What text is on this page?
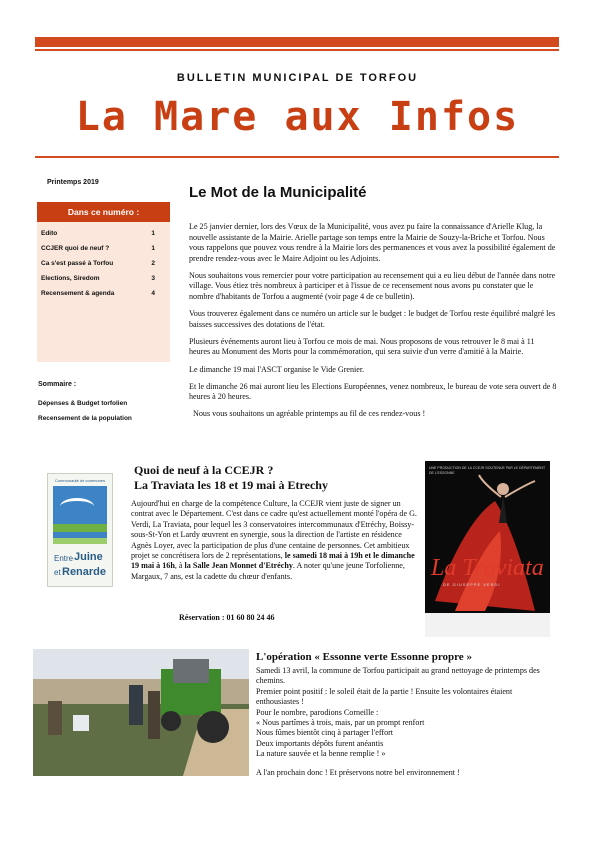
BULLETIN MUNICIPAL DE TORFOU
La Mare aux Infos
Printemps 2019
Dans ce numéro :
Edito	1
CCJER quoi de neuf ?	1
Ca s'est passé à Torfou	2
Elections, Siredom	3
Recensement & agenda	4
Sommaire :
Dépenses & Budget torfolien
Recensement de la population
Le Mot de la Municipalité

Le 25 janvier dernier, lors des Vœux de la Municipalité, vous avez pu faire la connaissance d'Arielle Klug, la nouvelle assistante de la Mairie. Arielle partage son temps entre la Mairie de Souzy-la-Briche et Torfou. Nous vous rappelons que pouvez vous rendre à la Mairie lors des permanences et vous avez la possibilité également de prendre rendez-vous avec le Maire Adjoint ou les Adjoints.

Nous souhaitons vous remercier pour votre participation au recensement qui a eu lieu début de l'année dans notre village. Vous étiez très nombreux à participer et à l'issue de ce recensement nous avons pu constater que le nombre d'habitants de Torfou a augmenté (voir page 4 de ce bulletin).

Vous trouverez également dans ce numéro un article sur le budget : le budget de Torfou reste équilibré malgré les baisses successives des dotations de l'état.

Plusieurs événements auront lieu à Torfou ce mois de mai. Nous proposons de vous retrouver le 8 mai à 11 heures au Monument des Morts pour la commémoration, qui sera suivie d'un verre d'amitié à la Mairie.

Le dimanche 19 mai l'ASCT organise le Vide Grenier.

Et le dimanche 26 mai auront lieu les Elections Européennes, venez nombreux, le bureau de vote sera ouvert de 8 heures à 20 heures.

Nous vous souhaitons un agréable printemps au fil de ces rendez-vous !

Communauté de communes
Entre Juine
et Renarde
Quoi de neuf à la CCEJR ?
La Traviata les 18 et 19 mai à Etrechy
Aujourd'hui en charge de la compétence Culture, la CCEJR vient juste de signer un contrat avec le Département. C'est dans ce cadre qu'est actuellement monté l'opéra de G. Verdi, La Traviata, pour lequel les 3 conservatoires intercommunaux d'Etréchy, Boissy-sous-St-Yon et Lardy œuvrent en synergie, sous la direction de l'artiste en résidence Agnès Loyer, avec la participation de plus d'une centaine de personnes. Cet ambitieux projet se concrétisera lors de 2 représentations, le samedi 18 mai à 19h et le dimanche 19 mai à 16h, à la Salle Jean Monnet d'Etréchy. A noter qu'une jeune Torfolienne, Margaux, 7 ans, est la cadette du chœur d'enfants.
Réservation : 01 60 80 24 46
UNE PRODUCTION DE LA CCEJR SOUTENUE PAR LE DÉPARTEMENT DE L'ESSONNE
La Traviata
DE GIUSEPPE VERDI
L'opération « Essonne verte Essonne propre »

Samedi 13 avril, la commune de Torfou participait au grand nettoyage de printemps des chemins.

Premier point positif : le soleil était de la partie ! Ensuite les volontaires étaient enthousiastes !

Pour le nombre, parodions Corneille :

« Nous partîmes à trois, mais, par un prompt renfort

Nous fûmes bientôt cinq à partager l'effort

Deux importants dépôts furent anéantis

La nature sauvée et la benne remplie ! »

A l'an prochain donc ! Et préservons notre bel environnement !
